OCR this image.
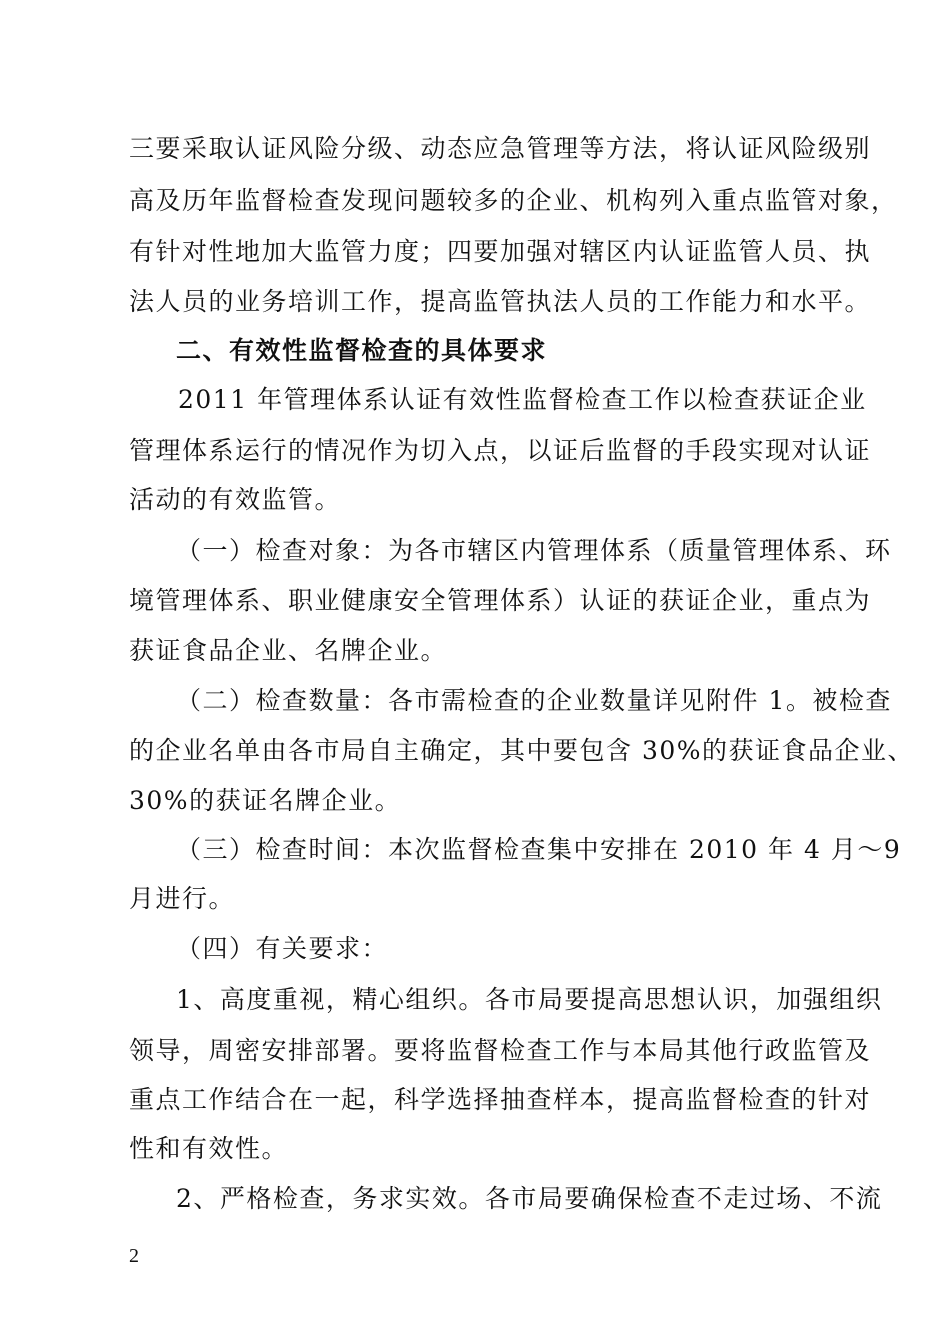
三要采取认证风险分级、动态应急管理等方法，将认证风险级别
高及历年监督检查发现问题较多的企业、机构列入重点监管对象，
有针对性地加大监管力度；四要加强对辖区内认证监管人员、执
法人员的业务培训工作，提高监管执法人员的工作能力和水平。
二、有效性监督检查的具体要求
2011 年管理体系认证有效性监督检查工作以检查获证企业
管理体系运行的情况作为切入点，以证后监督的手段实现对认证
活动的有效监管。
（一）检查对象：为各市辖区内管理体系（质量管理体系、环
境管理体系、职业健康安全管理体系）认证的获证企业，重点为
获证食品企业、名牌企业。
（二）检查数量：各市需检查的企业数量详见附件 1。被检查
的企业名单由各市局自主确定，其中要包含 30%的获证食品企业、
30%的获证名牌企业。
（三）检查时间：本次监督检查集中安排在 2010 年 4 月～9
月进行。
（四）有关要求：
1、高度重视，精心组织。各市局要提高思想认识，加强组织
领导，周密安排部署。要将监督检查工作与本局其他行政监管及
重点工作结合在一起，科学选择抽查样本，提高监督检查的针对
性和有效性。
2、严格检查，务求实效。各市局要确保检查不走过场、不流
2
